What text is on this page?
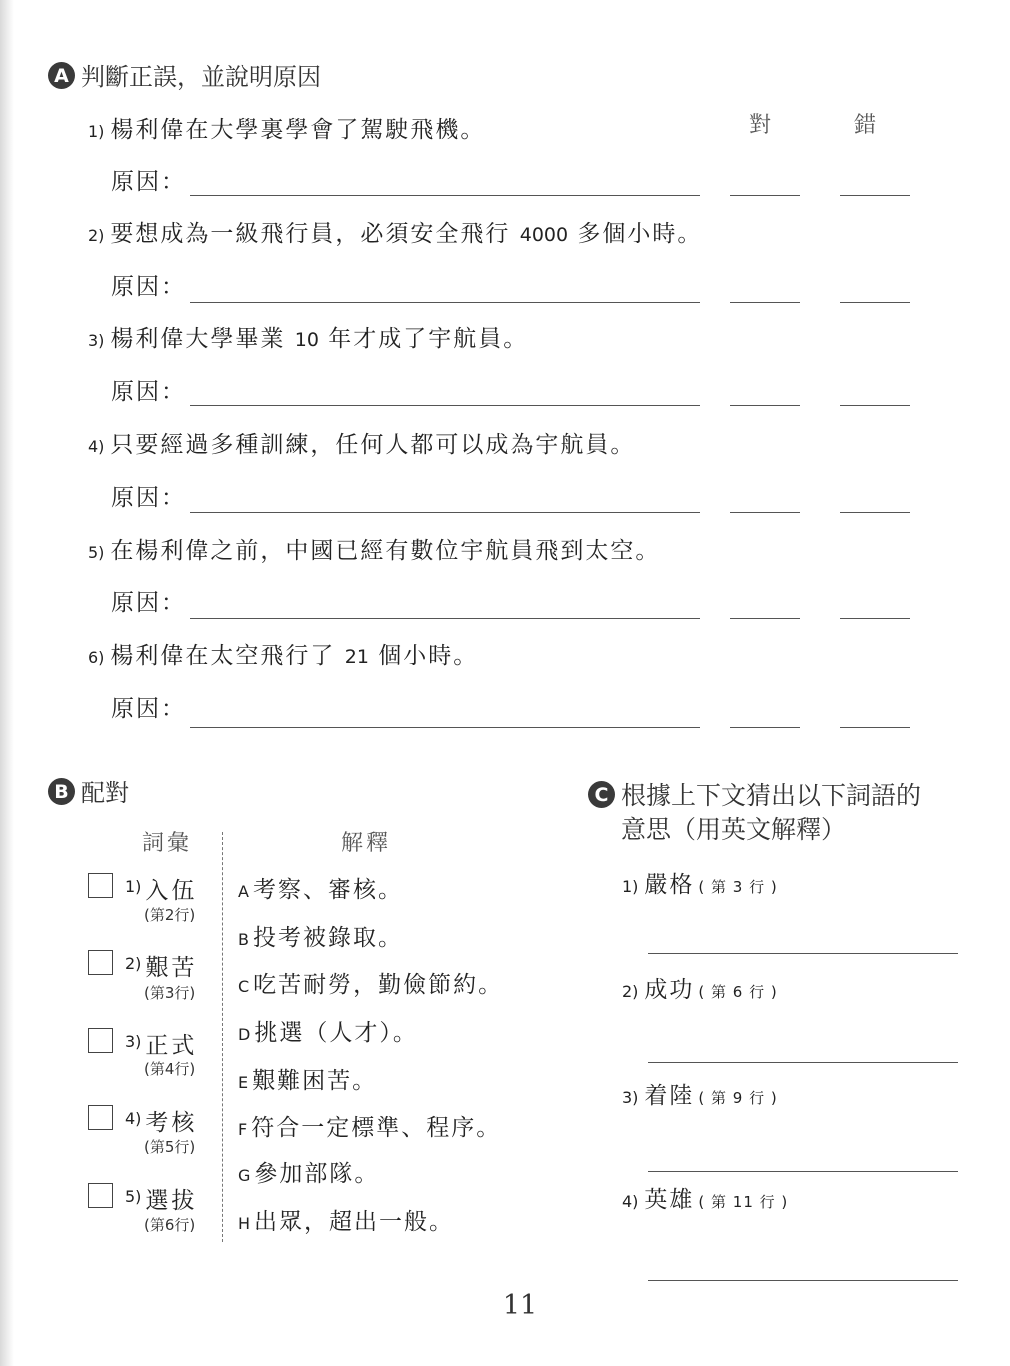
A 判斷正誤，並說明原因
對	錯
1) 楊利偉在大學裏學會了駕駛飛機。
原因：
2) 要想成為一級飛行員，必須安全飛行 4000 多個小時。
原因：
3) 楊利偉大學畢業 10 年才成了宇航員。
原因：
4) 只要經過多種訓練，任何人都可以成為宇航員。
原因：
5) 在楊利偉之前，中國已經有數位宇航員飛到太空。
原因：
6) 楊利偉在太空飛行了 21 個小時。
原因：
B 配對
詞彙	解釋
1) 入伍
(第2行)
2) 艱苦
(第3行)
3) 正式
(第4行)
4) 考核
(第5行)
5) 選拔
(第6行)
A 考察、審核。
B 投考被錄取。
C 吃苦耐勞，勤儉節約。
D 挑選（人才）。
E 艱難困苦。
F 符合一定標準、程序。
G 參加部隊。
H 出眾，超出一般。
C 根據上下文猜出以下詞語的
意思（用英文解釋）
1) 嚴格 ( 第 3 行 )
2) 成功 ( 第 6 行 )
3) 着陸 ( 第 9 行 )
4) 英雄 ( 第 11 行 )
11
